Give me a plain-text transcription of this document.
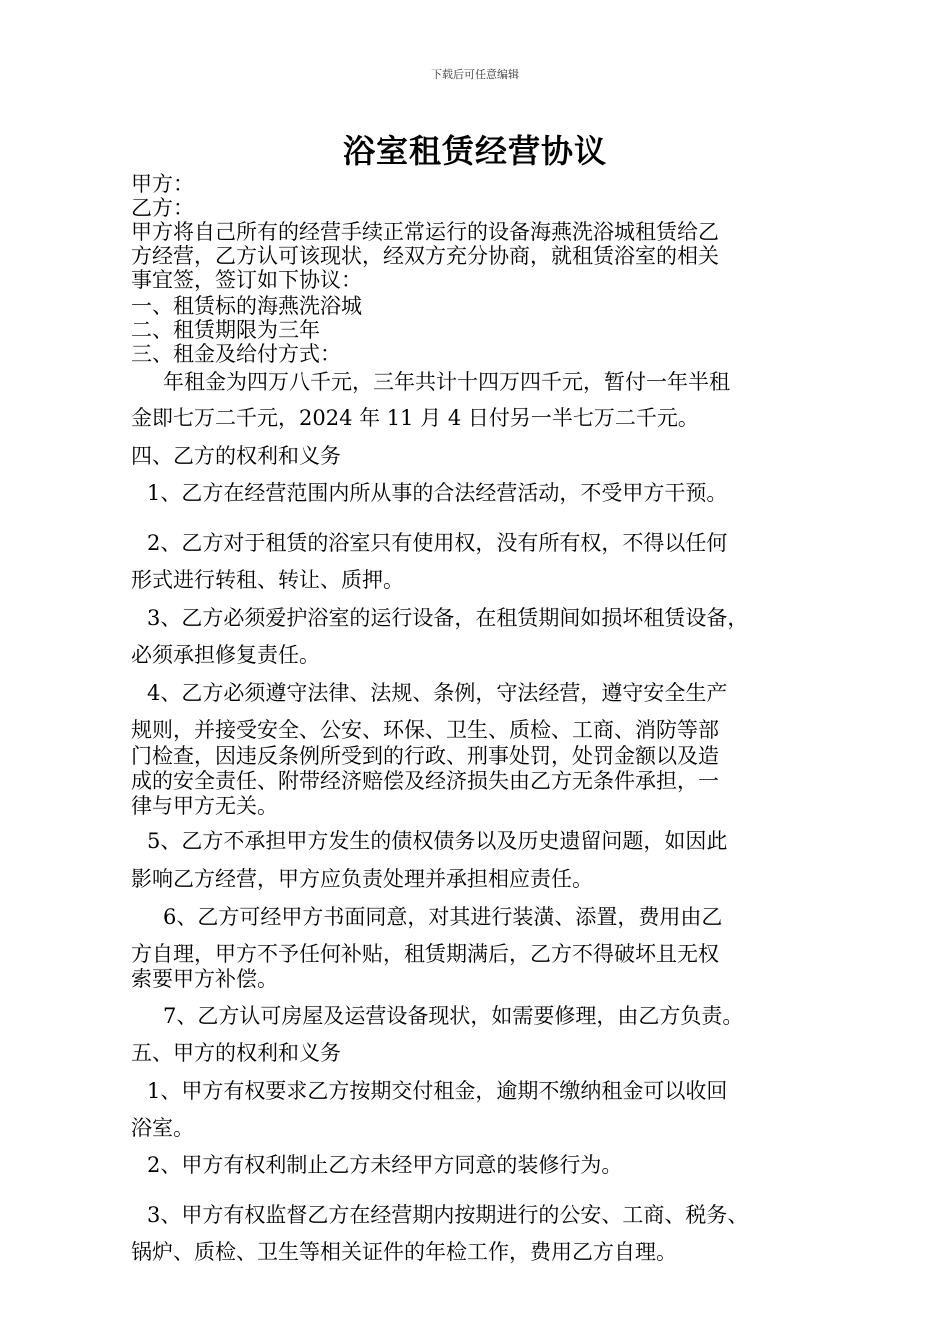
下载后可任意编辑
浴室租赁经营协议
甲方：
乙方：
甲方将自己所有的经营手续正常运行的设备海燕洗浴城租赁给乙
方经营，乙方认可该现状，经双方充分协商，就租赁浴室的相关
事宜签，签订如下协议：
一、租赁标的海燕洗浴城
二、租赁期限为三年
三、租金及给付方式：
年租金为四万八千元，三年共计十四万四千元，暂付一年半租
金即七万二千元，2024 年 11 月 4 日付另一半七万二千元。
四、乙方的权利和义务
1、乙方在经营范围内所从事的合法经营活动，不受甲方干预。
2、乙方对于租赁的浴室只有使用权，没有所有权，不得以任何
形式进行转租、转让、质押。
3、乙方必须爱护浴室的运行设备，在租赁期间如损坏租赁设备，
必须承担修复责任。
4、乙方必须遵守法律、法规、条例，守法经营，遵守安全生产
规则，并接受安全、公安、环保、卫生、质检、工商、消防等部
门检查，因违反条例所受到的行政、刑事处罚，处罚金额以及造
成的安全责任、附带经济赔偿及经济损失由乙方无条件承担，一
律与甲方无关。
5、乙方不承担甲方发生的债权债务以及历史遗留问题，如因此
影响乙方经营，甲方应负责处理并承担相应责任。
6、乙方可经甲方书面同意，对其进行装潢、添置，费用由乙
方自理，甲方不予任何补贴，租赁期满后，乙方不得破坏且无权
索要甲方补偿。
7、乙方认可房屋及运营设备现状，如需要修理，由乙方负责。
五、甲方的权利和义务
1、甲方有权要求乙方按期交付租金，逾期不缴纳租金可以收回
浴室。
2、甲方有权利制止乙方未经甲方同意的装修行为。
3、甲方有权监督乙方在经营期内按期进行的公安、工商、税务、
锅炉、质检、卫生等相关证件的年检工作，费用乙方自理。
